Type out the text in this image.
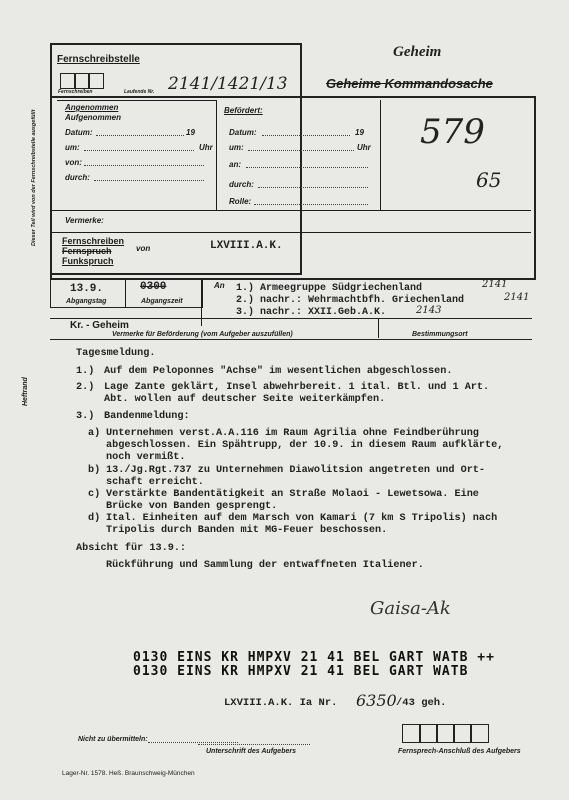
Geheim
Geheime Kommandosache
Fernschreibstelle
Fernschreiben	Laufende Nr. 2141/1421/13
579
65
Dieser Teil wird von der Fernschreibstelle ausgefüllt
Heftrand
Angenommen
Aufgenommen
Datum:	19
um:	Uhr
von:
durch:
Befördert:
Datum:	19
um:	Uhr
an:
durch:
Rolle:
Vermerke:
Fernschreiben
Fernspruch
Funkspruch
von	LXVIII.A.K.
13.9.	0300
Abgangstag	Abgangszeit
An 1.) Armeegruppe Südgriechenland	2141
2.) nachr.: Wehrmachtbfh. Griechenland	2141
3.) nachr.: XXII.Geb.A.K.	2143
Kr. - Geheim
Vermerke für Beförderung (vom Aufgeber auszufüllen)	Bestimmungsort
Tagesmeldung.
1.) Auf dem Peloponnes "Achse" im wesentlichen abgeschlossen.
2.) Lage Zante geklärt, Insel abwehrbereit. 1 ital. Btl. und 1 Art.
Abt. wollen auf deutscher Seite weiterkämpfen.
3.) Bandenmeldung:
a) Unternehmen verst.A.A.116 im Raum Agrilia ohne Feindberührung
abgeschlossen. Ein Spähtrupp, der 10.9. in diesem Raum aufklärte,
noch vermißt.
b) 13./Jg.Rgt.737 zu Unternehmen Diawolitsion angetreten und Ort-
schaft erreicht.
c) Verstärkte Bandentätigkeit an Straße Molaoi - Lewetsowa. Eine
Brücke von Banden gesprengt.
d) Ital. Einheiten auf dem Marsch von Kamari (7 km S Tripolis) nach
Tripolis durch Banden mit MG-Feuer beschossen.
Absicht für 13.9.:
Rückführung und Sammlung der entwaffneten Italiener.
Gaisa-Ak
0130 EINS KR HMPXV 21 41 BEL GART WATB ++
0130 EINS KR HMPXV 21 41 BEL GART WATB
LXVIII.A.K. Ia Nr. 6350 /43 geh.
Nicht zu übermitteln:
Unterschrift des Aufgebers	Fernsprech-Anschluß des Aufgebers
Lager-Nr. 1578. Heß. Braunschweig-München
